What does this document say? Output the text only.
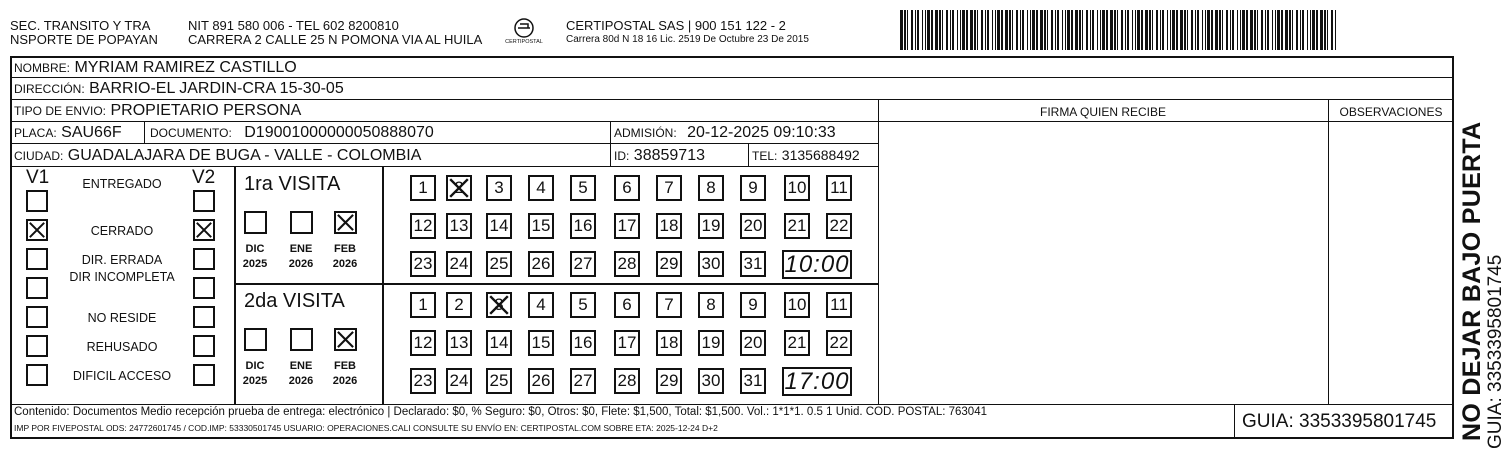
SEC. TRANSITO Y TRA
NSPORTE DE POPAYAN
NIT 891 580 006 - TEL 602 8200810
CARRERA 2 CALLE 25 N POMONA VIA AL HUILA	CERTIPOSTAL
CERTIPOSTAL SAS | 900 151 122 - 2
Carrera 80d N 18 16 Lic. 2519 De Octubre 23 De 2015
NOMBRE: MYRIAM RAMIREZ CASTILLO
DIRECCIÓN: BARRIO-EL JARDIN-CRA 15-30-05
TIPO DE ENVIO: PROPIETARIO PERSONA	FIRMA QUIEN RECIBE	OBSERVACIONES
PLACA: SAU66F DOCUMENTO: D19001000000050888070	ADMISIÓN: 20-12-2025 09:10:33
CIUDAD: GUADALAJARA DE BUGA - VALLE - COLOMBIA	ID: 38859713	TEL: 3135688492
V1	V2
ENTREGADO
CERRADO
DIR. ERRADA
DIR INCOMPLETA
NO RESIDE
REHUSADO
DIFICIL ACCESO
1ra VISITA
DIC
2025
ENE
2026
FEB
2026
1 2 3 4 5 6 7 8 9 10 11
12 13 14 15 16 17 18 19 20 21 22
23 24 25 26 27 28 29 30 31 10:00
2da VISITA
DIC
2025
ENE
2026
FEB
2026
1 2 3 4 5 6 7 8 9 10 11
12 13 14 15 16 17 18 19 20 21 22
23 24 25 26 27 28 29 30 31 17:00
Contenido: Documentos Medio recepción prueba de entrega: electrónico | Declarado: $0, % Seguro: $0, Otros: $0, Flete: $1,500, Total: $1,500. Vol.: 1*1*1. 0.5 1 Unid. COD. POSTAL: 763041
IMP POR FIVEPOSTAL ODS: 24772601745 / COD.IMP: 53330501745 USUARIO: OPERACIONES.CALI CONSULTE SU ENVÍO EN: CERTIPOSTAL.COM SOBRE ETA: 2025-12-24 D+2	GUIA: 3353395801745 NO DEJAR BAJO PUERTA GUIA: 3353395801745
